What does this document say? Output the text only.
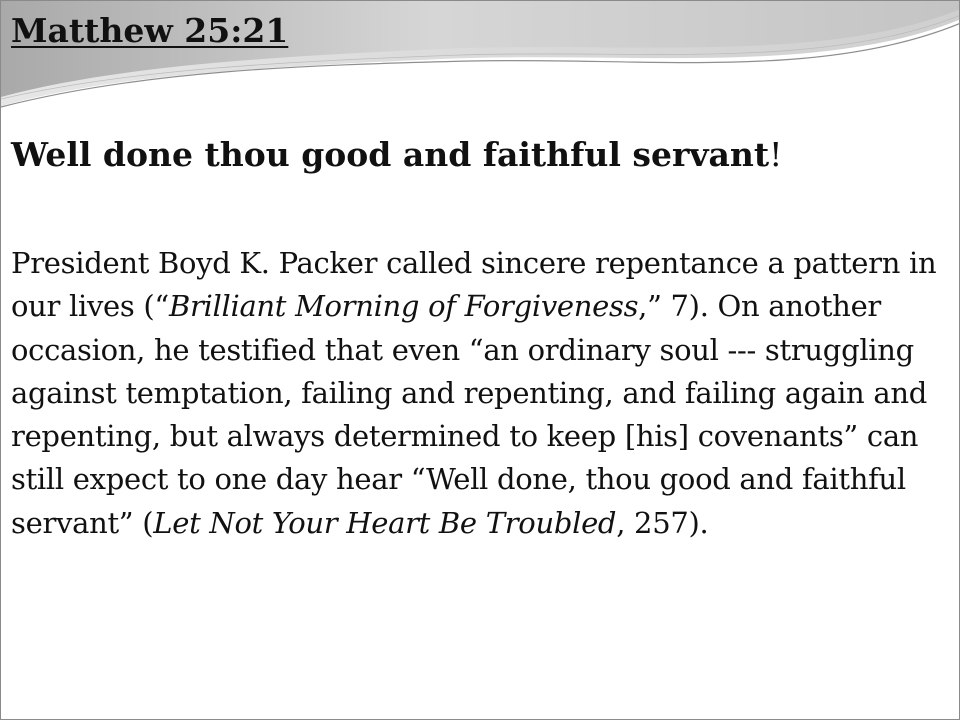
Matthew 25:21

Well done thou good and faithful servant!

President Boyd K. Packer called sincere repentance a pattern in our lives (“Brilliant Morning of Forgiveness,” 7). On another occasion, he testified that even “an ordinary soul --- struggling against temptation, failing and repenting, and failing again and repenting, but always determined to keep [his] covenants” can still expect to one day hear “Well done, thou good and faithful servant” (Let Not Your Heart Be Troubled, 257).
